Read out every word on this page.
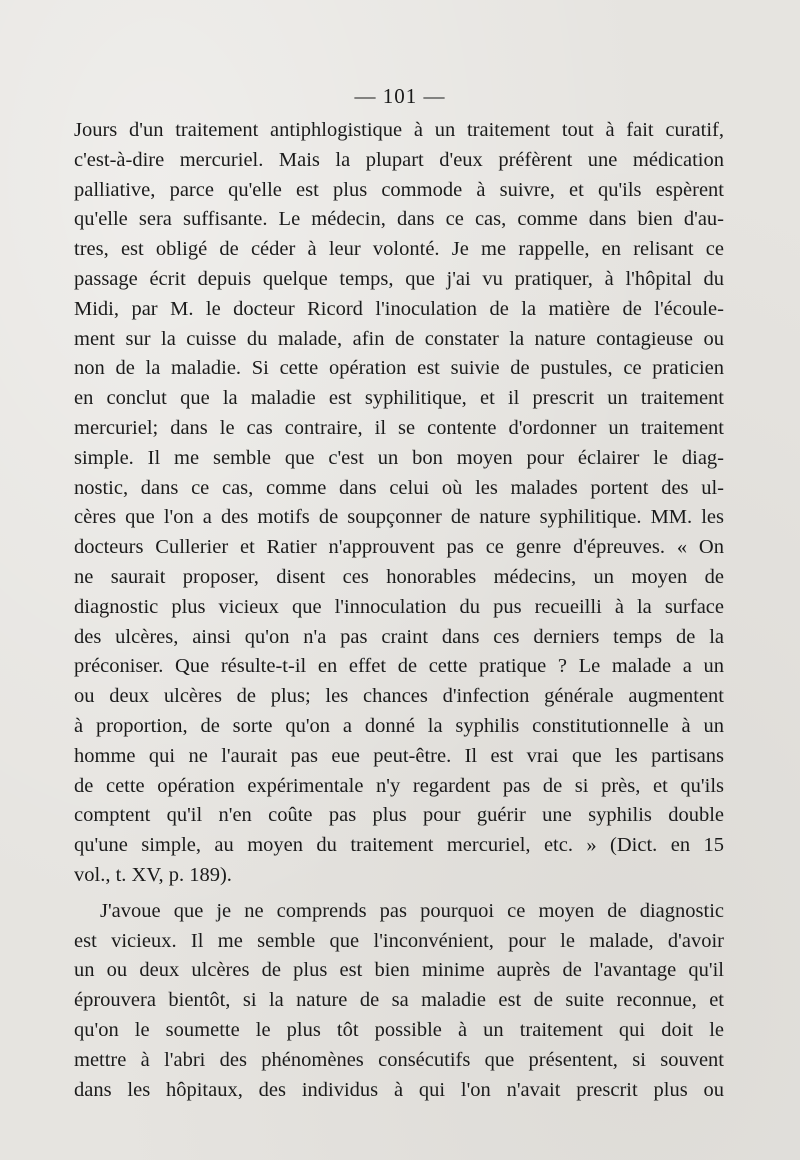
— 101 —
Jours d'un traitement antiphlogistique à un traitement tout à fait curatif,
c'est-à-dire mercuriel. Mais la plupart d'eux préfèrent une médication
palliative, parce qu'elle est plus commode à suivre, et qu'ils espèrent
qu'elle sera suffisante. Le médecin, dans ce cas, comme dans bien d'au-
tres, est obligé de céder à leur volonté. Je me rappelle, en relisant ce
passage écrit depuis quelque temps, que j'ai vu pratiquer, à l'hôpital du
Midi, par M. le docteur Ricord l'inoculation de la matière de l'écoule-
ment sur la cuisse du malade, afin de constater la nature contagieuse ou
non de la maladie. Si cette opération est suivie de pustules, ce praticien
en conclut que la maladie est syphilitique, et il prescrit un traitement
mercuriel; dans le cas contraire, il se contente d'ordonner un traitement
simple. Il me semble que c'est un bon moyen pour éclairer le diag-
nostic, dans ce cas, comme dans celui où les malades portent des ul-
cères que l'on a des motifs de soupçonner de nature syphilitique. MM. les
docteurs Cullerier et Ratier n'approuvent pas ce genre d'épreuves. « On
ne saurait proposer, disent ces honorables médecins, un moyen de
diagnostic plus vicieux que l'innoculation du pus recueilli à la surface
des ulcères, ainsi qu'on n'a pas craint dans ces derniers temps de la
préconiser. Que résulte-t-il en effet de cette pratique ? Le malade a un
ou deux ulcères de plus; les chances d'infection générale augmentent
à proportion, de sorte qu'on a donné la syphilis constitutionnelle à un
homme qui ne l'aurait pas eue peut-être. Il est vrai que les partisans
de cette opération expérimentale n'y regardent pas de si près, et qu'ils
comptent qu'il n'en coûte pas plus pour guérir une syphilis double
qu'une simple, au moyen du traitement mercuriel, etc. » (Dict. en 15
vol., t. XV, p. 189).
J'avoue que je ne comprends pas pourquoi ce moyen de diagnostic
est vicieux. Il me semble que l'inconvénient, pour le malade, d'avoir
un ou deux ulcères de plus est bien minime auprès de l'avantage qu'il
éprouvera bientôt, si la nature de sa maladie est de suite reconnue, et
qu'on le soumette le plus tôt possible à un traitement qui doit le
mettre à l'abri des phénomènes consécutifs que présentent, si souvent
dans les hôpitaux, des individus à qui l'on n'avait prescrit plus ou
